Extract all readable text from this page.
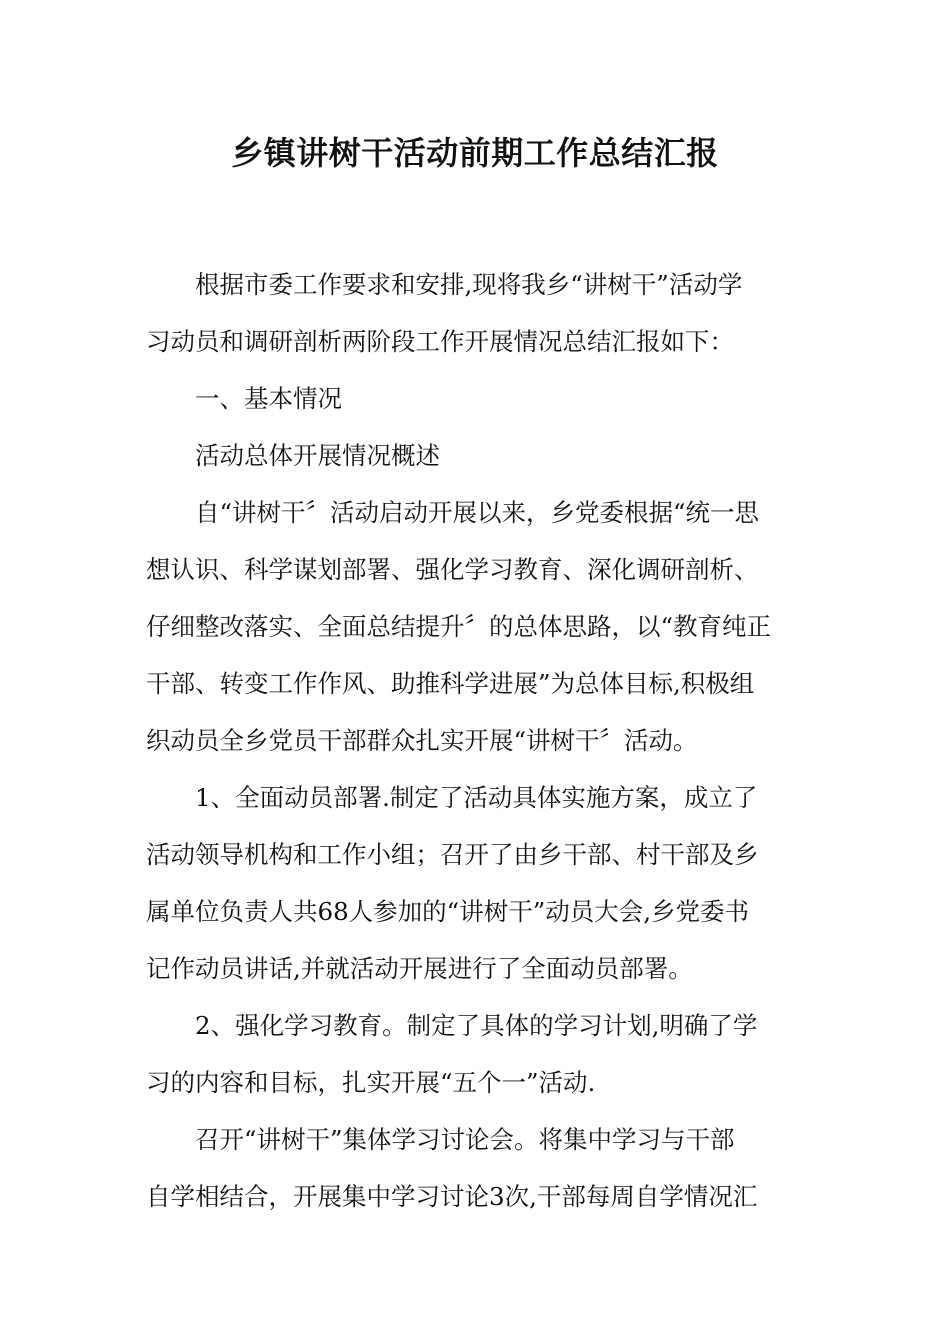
乡镇讲树干活动前期工作总结汇报

根据市委工作要求和安排,现将我乡“讲树干”活动学
习动员和调研剖析两阶段工作开展情况总结汇报如下：

一、基本情况

活动总体开展情况概述

自“讲树干〞活动启动开展以来，乡党委根据“统一思
想认识、科学谋划部署、强化学习教育、深化调研剖析、
仔细整改落实、全面总结提升〞的总体思路，以“教育纯正
干部、转变工作作风、助推科学进展”为总体目标,积极组
织动员全乡党员干部群众扎实开展“讲树干〞活动。

1、全面动员部署.制定了活动具体实施方案，成立了
活动领导机构和工作小组；召开了由乡干部、村干部及乡
属单位负责人共68人参加的“讲树干”动员大会,乡党委书
记作动员讲话,并就活动开展进行了全面动员部署。

2、强化学习教育。制定了具体的学习计划,明确了学
习的内容和目标，扎实开展“五个一”活动.

召开“讲树干”集体学习讨论会。将集中学习与干部
自学相结合，开展集中学习讨论3次,干部每周自学情况汇
